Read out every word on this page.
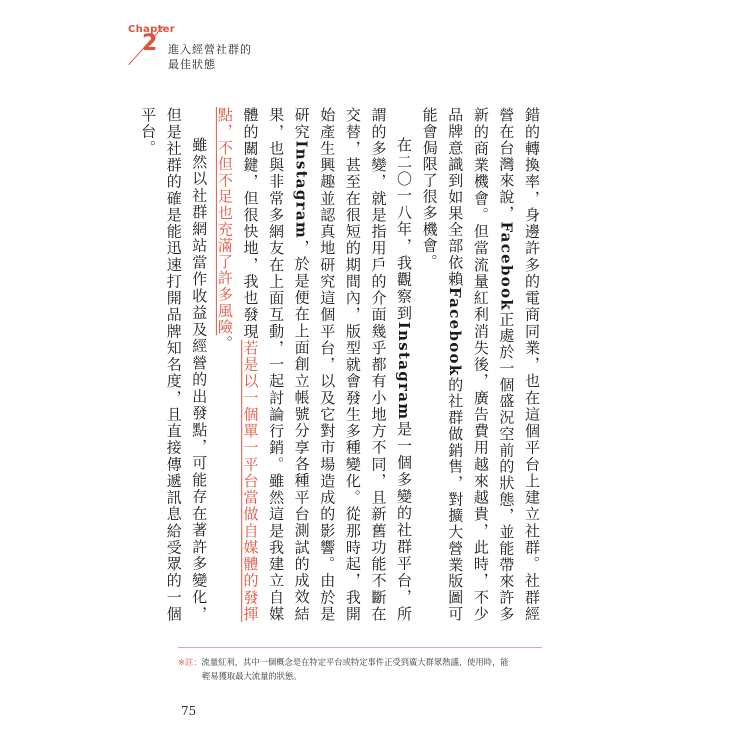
Chapter
2 進入經營社群的
最佳狀態

錯的轉換率，身邊許多的電商同業，也在這個平台上建立社群。社群經營在台灣來說，Facebook正處於一個盛況空前的狀態，並能帶來許多新的商業機會。但當流量紅利消失後，廣告費用越來越貴，此時，不少品牌意識到如果全部依賴Facebook的社群做銷售，對擴大營業版圖可能會侷限了很多機會。

在二〇一八年，我觀察到Instagram是一個多變的社群平台，所謂的多變，就是指用戶的介面幾乎都有小地方不同，且新舊功能不斷在交替，甚至在很短的期間內，版型就會發生多種變化。從那時起，我開始產生興趣並認真地研究這個平台，以及它對市場造成的影響。由於是研究Instagram，於是便在上面創立帳號分享各種平台測試的成效結果，也與非常多網友在上面互動，一起討論行銷。雖然這是我建立自媒體的關鍵，但很快地，我也發現若是以一個單一平台當做自媒體的發揮點，不但不足也充滿了許多風險。

雖然以社群網站當作收益及經營的出發點，可能存在著許多變化，但是社群的確是能迅速打開品牌知名度，且直接傳遞訊息給受眾的一個平台。

※註：流量紅利，其中一個概念是在特定平台或特定事件正受到廣大群眾熱議、使用時，能
輕易獲取最大流量的狀態。
75
